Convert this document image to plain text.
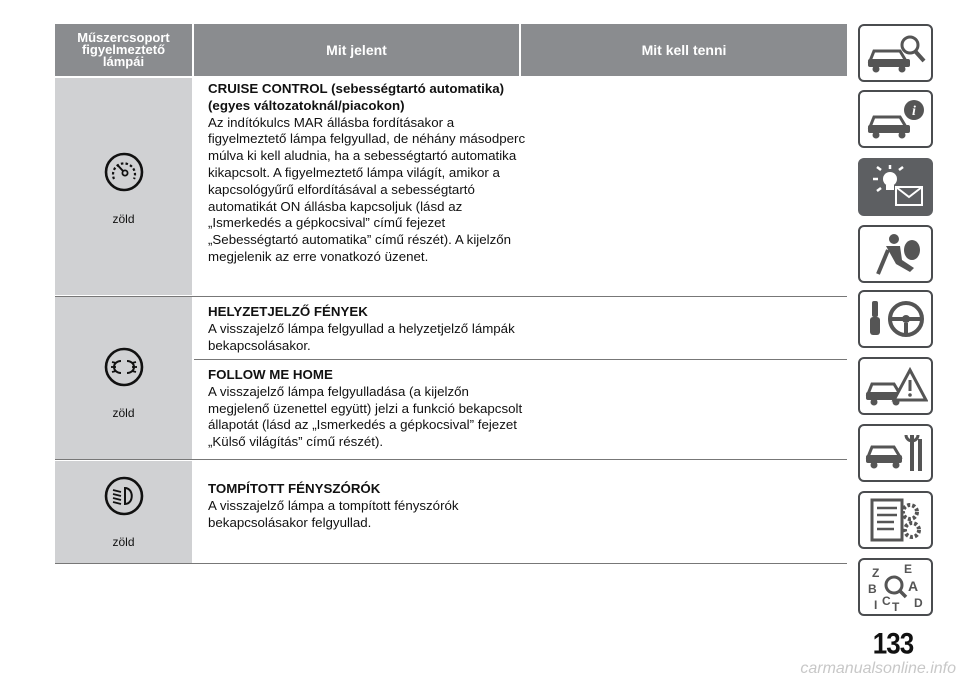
Műszercsoport figyelmeztető lámpái
Mit jelent	Mit kell tenni
zöld
CRUISE CONTROL (sebességtartó automatika) (egyes változatoknál/piacokon)
Az indítókulcs MAR állásba fordításakor a figyelmeztető lámpa felgyullad, de néhány másodperc múlva ki kell aludnia, ha a sebességtartó automatika kikapcsolt. A figyelmeztető lámpa világít, amikor a kapcsológyűrű elfordításával a sebességtartó automatikát ON állásba kapcsoljuk (lásd az „Ismerkedés a gépkocsival” című fejezet „Sebességtartó automatika” című részét). A kijelzőn megjelenik az erre vonatkozó üzenet.
zöld
HELYZETJELZŐ FÉNYEK
A visszajelző lámpa felgyullad a helyzetjelző lámpák bekapcsolásakor.
FOLLOW ME HOME
A visszajelző lámpa felgyulladása (a kijelzőn megjelenő üzenettel együtt) jelzi a funkció bekapcsolt állapotát (lásd az „Ismerkedés a gépkocsival” fejezet „Külső világítás” című részét).
zöld
TOMPÍTOTT FÉNYSZÓRÓK
A visszajelző lámpa a tompított fényszórók bekapcsolásakor felgyullad.
i
Z E
B A
I C T D
133
carmanualsonline.info
